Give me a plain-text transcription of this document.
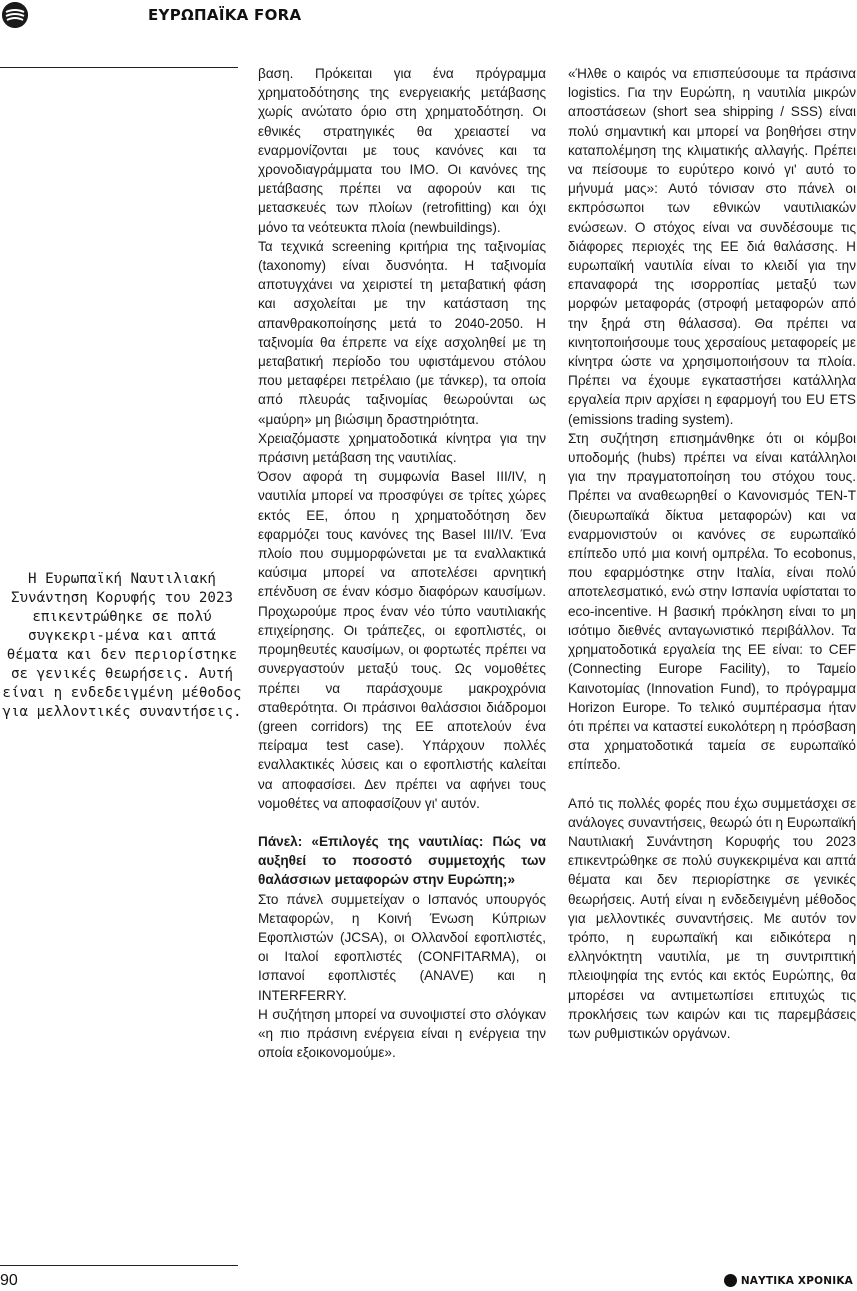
ΕΥΡΩΠΑΪΚΑ FORA
Η Ευρωπαϊκή Ναυτιλιακή Συνάντηση Κορυφής του 2023 επικεντρώθηκε σε πολύ συγκεκρι-μένα και απτά θέματα και δεν περιορίστηκε σε γενικές θεωρήσεις. Αυτή είναι η ενδεδειγμένη μέθοδος για μελλοντικές συναντήσεις.

βαση. Πρόκειται για ένα πρόγραμμα χρηματοδότησης της ενεργειακής μετάβασης χωρίς ανώτατο όριο στη χρηματοδότηση. Οι εθνικές στρατηγικές θα χρειαστεί να εναρμονίζονται με τους κανόνες και τα χρονοδιαγράμματα του ΙΜΟ. Οι κανόνες της μετάβασης πρέπει να αφορούν και τις μετασκευές των πλοίων (retrofitting) και όχι μόνο τα νεότευκτα πλοία (newbuildings).

Τα τεχνικά screening κριτήρια της ταξινομίας (taxonomy) είναι δυσνόητα. Η ταξινομία αποτυγχάνει να χειριστεί τη μεταβατική φάση και ασχολείται με την κατάσταση της απανθρακοποίησης μετά το 2040-2050. Η ταξινομία θα έπρεπε να είχε ασχοληθεί με τη μεταβατική περίοδο του υφιστάμενου στόλου που μεταφέρει πετρέλαιο (με τάνκερ), τα οποία από πλευράς ταξινομίας θεωρούνται ως «μαύρη» μη βιώσιμη δραστηριότητα.

Χρειαζόμαστε χρηματοδοτικά κίνητρα για την πράσινη μετάβαση της ναυτιλίας.

Όσον αφορά τη συμφωνία Basel III/IV, η ναυτιλία μπορεί να προσφύγει σε τρίτες χώρες εκτός ΕΕ, όπου η χρηματοδότηση δεν εφαρμόζει τους κανόνες της Basel III/IV. Ένα πλοίο που συμμορφώνεται με τα εναλλακτικά καύσιμα μπορεί να αποτελέσει αρνητική επένδυση σε έναν κόσμο διαφόρων καυσίμων. Προχωρούμε προς έναν νέο τύπο ναυτιλιακής επιχείρησης. Οι τράπεζες, οι εφοπλιστές, οι προμηθευτές καυσίμων, οι φορτωτές πρέπει να συνεργαστούν μεταξύ τους. Ως νομοθέτες πρέπει να παράσχουμε μακροχρόνια σταθερότητα. Οι πράσινοι θαλάσσιοι διάδρομοι (green corridors) της ΕΕ αποτελούν ένα πείραμα test case). Υπάρχουν πολλές εναλλακτικές λύσεις και ο εφοπλιστής καλείται να αποφασίσει. Δεν πρέπει να αφήνει τους νομοθέτες να αποφασίζουν γι' αυτόν.

Πάνελ: «Επιλογές της ναυτιλίας: Πώς να αυξηθεί το ποσοστό συμμετοχής των θαλάσσιων μεταφορών στην Ευρώπη;»

Στο πάνελ συμμετείχαν ο Ισπανός υπουργός Μεταφορών, η Κοινή Ένωση Κύπριων Εφοπλιστών (JCSA), οι Ολλανδοί εφοπλιστές, οι Ιταλοί εφοπλιστές (CONFITARMA), οι Ισπανοί εφοπλιστές (ANAVE) και η INTERFERRY.

Η συζήτηση μπορεί να συνοψιστεί στο σλόγκαν «η πιο πράσινη ενέργεια είναι η ενέργεια την οποία εξοικονομούμε».

«Ήλθε ο καιρός να επισπεύσουμε τα πράσινα logistics. Για την Ευρώπη, η ναυτιλία μικρών αποστάσεων (short sea shipping / SSS) είναι πολύ σημαντική και μπορεί να βοηθήσει στην καταπολέμηση της κλιματικής αλλαγής. Πρέπει να πείσουμε το ευρύτερο κοινό γι' αυτό το μήνυμά μας»: Αυτό τόνισαν στο πάνελ οι εκπρόσωποι των εθνικών ναυτιλιακών ενώσεων. Ο στόχος είναι να συνδέσουμε τις διάφορες περιοχές της ΕΕ διά θαλάσσης. Η ευρωπαϊκή ναυτιλία είναι το κλειδί για την επαναφορά της ισορροπίας μεταξύ των μορφών μεταφοράς (στροφή μεταφορών από την ξηρά στη θάλασσα). Θα πρέπει να κινητοποιήσουμε τους χερσαίους μεταφορείς με κίνητρα ώστε να χρησιμοποιήσουν τα πλοία. Πρέπει να έχουμε εγκαταστήσει κατάλληλα εργαλεία πριν αρχίσει η εφαρμογή του EU ETS (emissions trading system).

Στη συζήτηση επισημάνθηκε ότι οι κόμβοι υποδομής (hubs) πρέπει να είναι κατάλληλοι για την πραγματοποίηση του στόχου τους. Πρέπει να αναθεωρηθεί ο Κανονισμός TEN-T (διευρωπαϊκά δίκτυα μεταφορών) και να εναρμονιστούν οι κανόνες σε ευρωπαϊκό επίπεδο υπό μια κοινή ομπρέλα. Το ecobonus, που εφαρμόστηκε στην Ιταλία, είναι πολύ αποτελεσματικό, ενώ στην Ισπανία υφίσταται το eco-incentive. Η βασική πρόκληση είναι το μη ισότιμο διεθνές ανταγωνιστικό περιβάλλον. Τα χρηματοδοτικά εργαλεία της ΕΕ είναι: το CEF (Connecting Europe Facility), το Ταμείο Καινοτομίας (Innovation Fund), το πρόγραμμα Horizon Europe. Το τελικό συμπέρασμα ήταν ότι πρέπει να καταστεί ευκολότερη η πρόσβαση στα χρηματοδοτικά ταμεία σε ευρωπαϊκό επίπεδο.

Από τις πολλές φορές που έχω συμμετάσχει σε ανάλογες συναντήσεις, θεωρώ ότι η Ευρωπαϊκή Ναυτιλιακή Συνάντηση Κορυφής του 2023 επικεντρώθηκε σε πολύ συγκεκριμένα και απτά θέματα και δεν περιορίστηκε σε γενικές θεωρήσεις. Αυτή είναι η ενδεδειγμένη μέθοδος για μελλοντικές συναντήσεις. Με αυτόν τον τρόπο, η ευρωπαϊκή και ειδικότερα η ελληνόκτητη ναυτιλία, με τη συντριπτική πλειοψηφία της εντός και εκτός Ευρώπης, θα μπορέσει να αντιμετωπίσει επιτυχώς τις προκλήσεις των καιρών και τις παρεμβάσεις των ρυθμιστικών οργάνων.

90	ΝΑΥΤΙΚΑ ΧΡΟΝΙΚΑ
